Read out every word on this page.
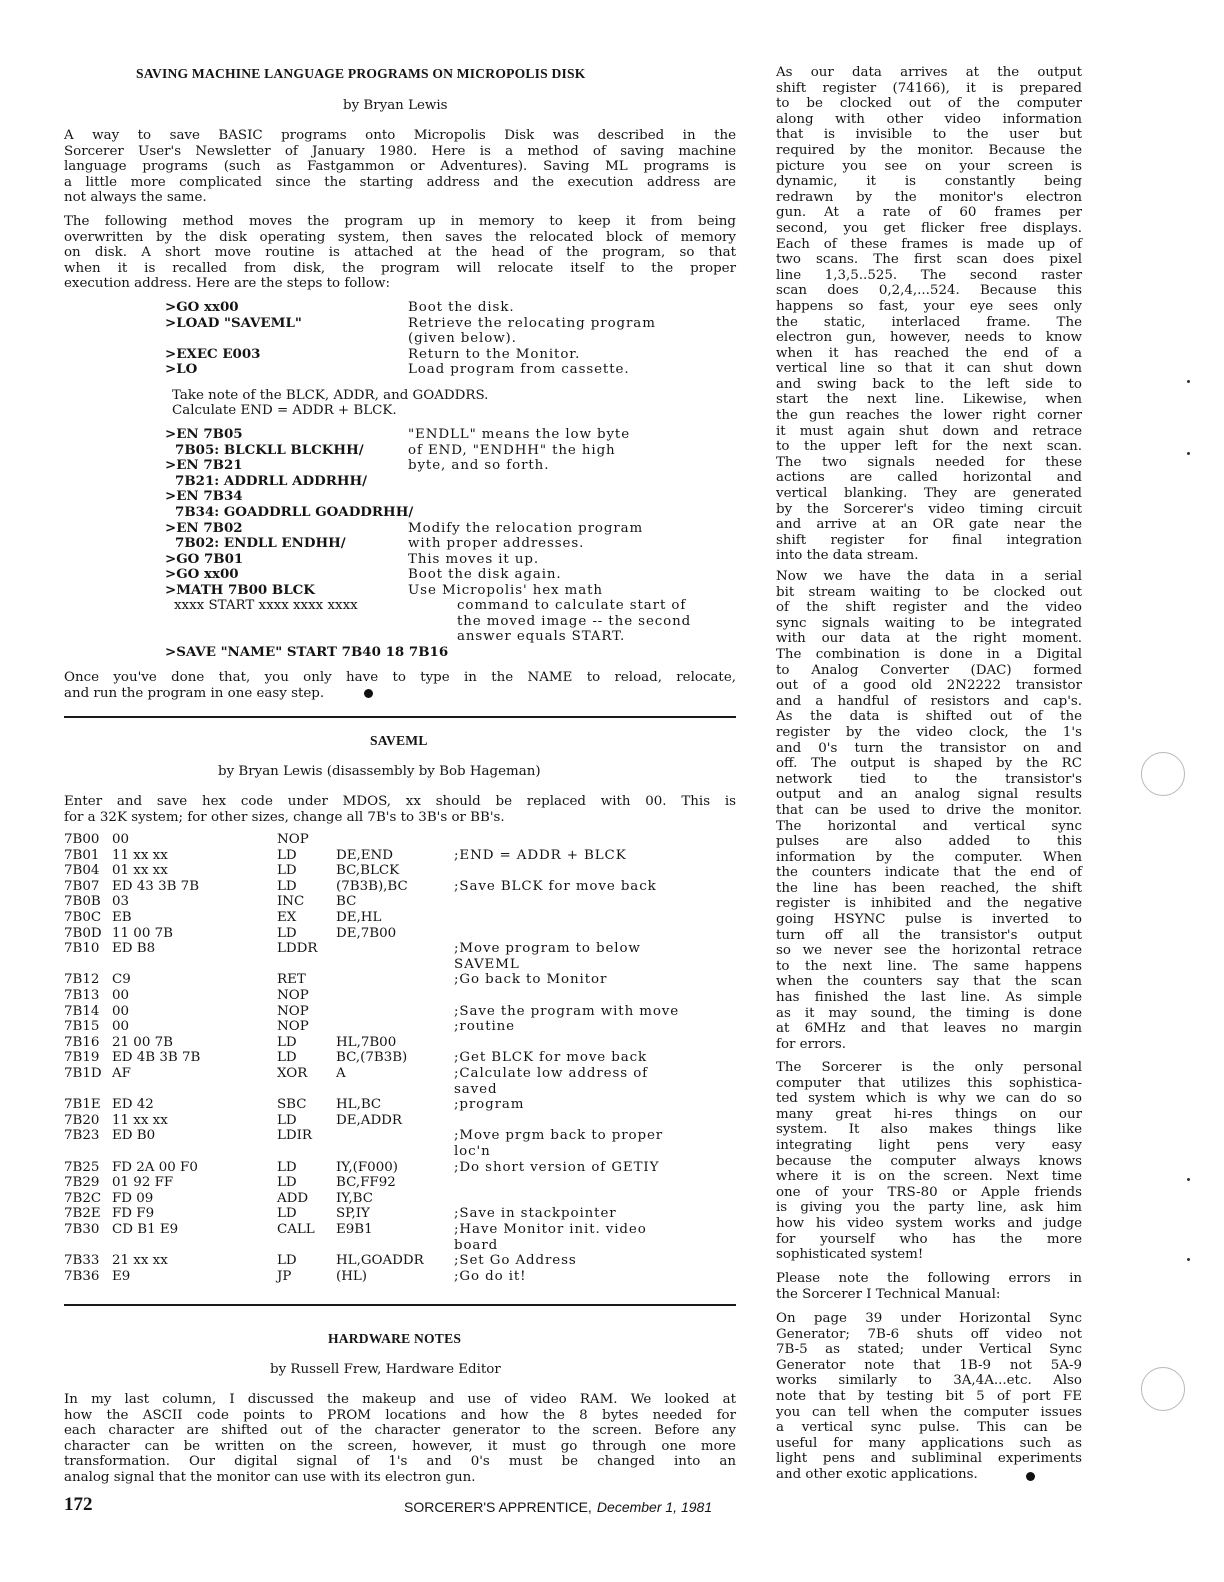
SAVING MACHINE LANGUAGE PROGRAMS ON MICROPOLIS DISK
by Bryan Lewis
A way to save BASIC programs onto Micropolis Disk was described in the
Sorcerer User's Newsletter of January 1980. Here is a method of saving machine
language programs (such as Fastgammon or Adventures). Saving ML programs is
a little more complicated since the starting address and the execution address are
not always the same.
The following method moves the program up in memory to keep it from being
overwritten by the disk operating system, then saves the relocated block of memory
on disk. A short move routine is attached at the head of the program, so that
when it is recalled from disk, the program will relocate itself to the proper
execution address. Here are the steps to follow:
>GO xx00	Boot the disk.
>LOAD "SAVEML"	Retrieve the relocating program
(given below).
>EXEC E003	Return to the Monitor.
>LO	Load program from cassette.
Take note of the BLCK, ADDR, and GOADDRS.
Calculate END = ADDR + BLCK.
>EN 7B05	"ENDLL" means the low byte
7B05: BLCKLL BLCKHH/	of END, "ENDHH" the high
>EN 7B21	byte, and so forth.
7B21: ADDRLL ADDRHH/
>EN 7B34
7B34: GOADDRLL GOADDRHH/
>EN 7B02	Modify the relocation program
7B02: ENDLL ENDHH/	with proper addresses.
>GO 7B01	This moves it up.
>GO xx00	Boot the disk again.
>MATH 7B00 BLCK	Use Micropolis' hex math
xxxx START xxxx xxxx xxxx	command to calculate start of
the moved image -- the second
answer equals START.
>SAVE "NAME" START 7B40 18 7B16
Once you've done that, you only have to type in the NAME to reload, relocate,
and run the program in one easy step.
SAVEML
by Bryan Lewis (disassembly by Bob Hageman)
Enter and save hex code under MDOS, xx should be replaced with 00. This is
for a 32K system; for other sizes, change all 7B's to 3B's or BB's.
7B00 00	NOP
7B01 11 xx xx	LD	DE,END	;END = ADDR + BLCK
7B04 01 xx xx	LD	BC,BLCK
7B07 ED 43 3B 7B	LD	(7B3B),BC	;Save BLCK for move back
7B0B 03	INC BC
7B0C EB	EX	DE,HL
7B0D 11 00 7B	LD	DE,7B00
7B10 ED B8	LDDR	;Move program to below
SAVEML
7B12 C9	RET	;Go back to Monitor
7B13 00	NOP
7B14 00	NOP	;Save the program with move
7B15 00	NOP	;routine
7B16 21 00 7B	LD	HL,7B00
7B19 ED 4B 3B 7B	LD	BC,(7B3B)	;Get BLCK for move back
7B1D AF	XOR A	;Calculate low address of
saved
7B1E ED 42	SBC HL,BC	;program
7B20 11 xx xx	LD	DE,ADDR
7B23 ED B0	LDIR	;Move prgm back to proper
loc'n
7B25 FD 2A 00 F0	LD	IY,(F000)	;Do short version of GETIY
7B29 01 92 FF	LD	BC,FF92
7B2C FD 09	ADD IY,BC
7B2E FD F9	LD	SP,IY	;Save in stackpointer
7B30 CD B1 E9	CALL E9B1	;Have Monitor init. video
board
7B33 21 xx xx	LD	HL,GOADDR ;Set Go Address
7B36 E9	JP	(HL)	;Go do it!
HARDWARE NOTES
by Russell Frew, Hardware Editor
In my last column, I discussed the makeup and use of video RAM. We looked at
how the ASCII code points to PROM locations and how the 8 bytes needed for
each character are shifted out of the character generator to the screen. Before any
character can be written on the screen, however, it must go through one more
transformation. Our digital signal of 1's and 0's must be changed into an
analog signal that the monitor can use with its electron gun.
172	SORCERER'S APPRENTICE, December 1, 1981
As our data arrives at the output
shift register (74166), it is prepared
to be clocked out of the computer
along with other video information
that is invisible to the user but
required by the monitor. Because the
picture you see on your screen is
dynamic, it is constantly being
redrawn by the monitor's electron
gun. At a rate of 60 frames per
second, you get flicker free displays.
Each of these frames is made up of
two scans. The first scan does pixel
line 1,3,5..525. The second raster
scan does 0,2,4,...524. Because this
happens so fast, your eye sees only
the static, interlaced frame. The
electron gun, however, needs to know
when it has reached the end of a
vertical line so that it can shut down
and swing back to the left side to
start the next line. Likewise, when
the gun reaches the lower right corner
it must again shut down and retrace
to the upper left for the next scan.
The two signals needed for these
actions are called horizontal and
vertical blanking. They are generated
by the Sorcerer's video timing circuit
and arrive at an OR gate near the
shift register for final integration
into the data stream.
Now we have the data in a serial
bit stream waiting to be clocked out
of the shift register and the video
sync signals waiting to be integrated
with our data at the right moment.
The combination is done in a Digital
to Analog Converter (DAC) formed
out of a good old 2N2222 transistor
and a handful of resistors and cap's.
As the data is shifted out of the
register by the video clock, the 1's
and 0's turn the transistor on and
off. The output is shaped by the RC
network tied to the transistor's
output and an analog signal results
that can be used to drive the monitor.
The horizontal and vertical sync
pulses are also added to this
information by the computer. When
the counters indicate that the end of
the line has been reached, the shift
register is inhibited and the negative
going HSYNC pulse is inverted to
turn off all the transistor's output
so we never see the horizontal retrace
to the next line. The same happens
when the counters say that the scan
has finished the last line. As simple
as it may sound, the timing is done
at 6MHz and that leaves no margin
for errors.
The Sorcerer is the only personal
computer that utilizes this sophistica-
ted system which is why we can do so
many great hi-res things on our
system. It also makes things like
integrating light pens very easy
because the computer always knows
where it is on the screen. Next time
one of your TRS-80 or Apple friends
is giving you the party line, ask him
how his video system works and judge
for yourself who has the more
sophisticated system!
Please note the following errors in
the Sorcerer I Technical Manual:
On page 39 under Horizontal Sync
Generator; 7B-6 shuts off video not
7B-5 as stated; under Vertical Sync
Generator note that 1B-9 not 5A-9
works similarly to 3A,4A...etc. Also
note that by testing bit 5 of port FE
you can tell when the computer issues
a vertical sync pulse. This can be
useful for many applications such as
light pens and subliminal experiments
and other exotic applications.
